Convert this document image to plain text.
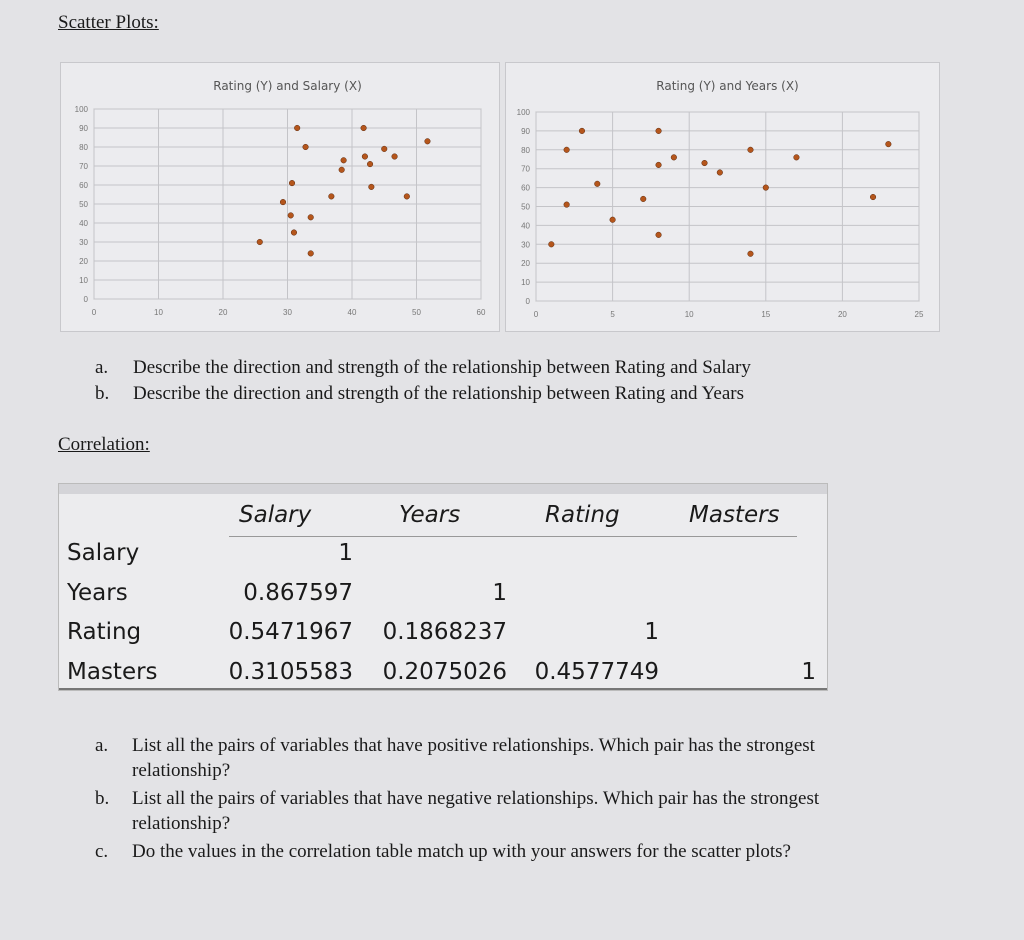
Scatter Plots:
0
10
20
30
40
50
60
70
80
90
100
0	10	20	30	40	50	60
Rating (Y) and Salary (X)
0
10
20
30
40
50
60
70
80
90
100
0	5	10	15	20	25
Rating (Y) and Years (X)
a. Describe the direction and strength of the relationship between Rating and Salary
b. Describe the direction and strength of the relationship between Rating and Years
Correlation:
Salary	Years	Rating	Masters
Salary	1
Years	0.867597	1
Rating	0.5471967	0.1868237	1
Masters	0.3105583	0.2075026	0.4577749	1
a. List all the pairs of variables that have positive relationships. Which pair has the strongest
relationship?
b. List all the pairs of variables that have negative relationships. Which pair has the strongest
relationship?
c. Do the values in the correlation table match up with your answers for the scatter plots?
